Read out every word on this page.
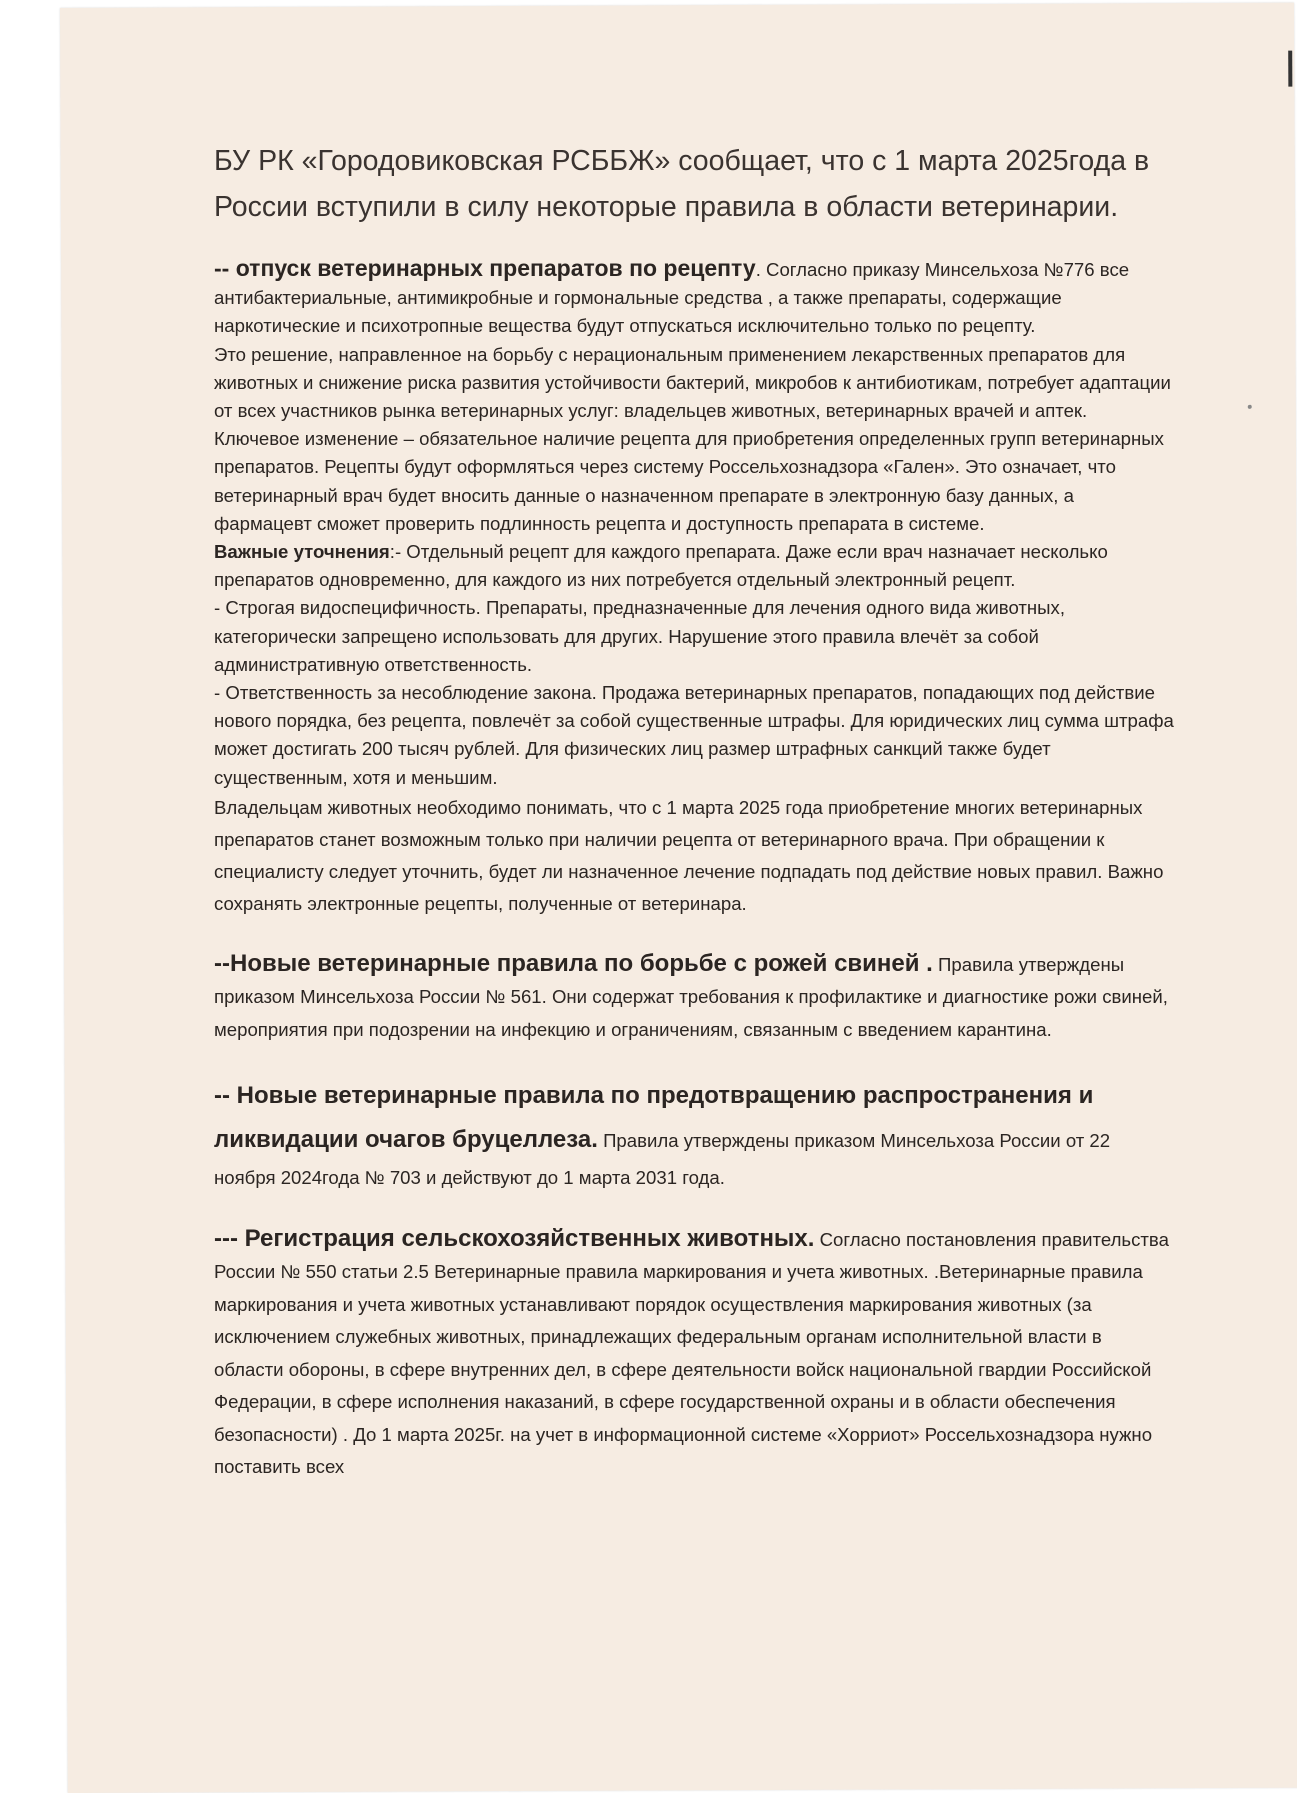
БУ РК «Городовиковская РСББЖ» сообщает, что с 1 марта 2025года в России вступили в силу некоторые правила в области ветеринарии.

-- отпуск ветеринарных препаратов по рецепту. Согласно приказу Минсельхоза №776 все антибактериальные, антимикробные и гормональные средства , а также препараты, содержащие наркотические и психотропные вещества будут отпускаться исключительно только по рецепту.

Это решение, направленное на борьбу с нерациональным применением лекарственных препаратов для животных и снижение риска развития устойчивости бактерий, микробов к антибиотикам, потребует адаптации от всех участников рынка ветеринарных услуг: владельцев животных, ветеринарных врачей и аптек.

Ключевое изменение – обязательное наличие рецепта для приобретения определенных групп ветеринарных препаратов. Рецепты будут оформляться через систему Россельхознадзора «Гален». Это означает, что ветеринарный врач будет вносить данные о назначенном препарате в электронную базу данных, а фармацевт сможет проверить подлинность рецепта и доступность препарата в системе.

Важные уточнения:- Отдельный рецепт для каждого препарата. Даже если врач назначает несколько препаратов одновременно, для каждого из них потребуется отдельный электронный рецепт.

- Строгая видоспецифичность. Препараты, предназначенные для лечения одного вида животных, категорически запрещено использовать для других. Нарушение этого правила влечёт за собой административную ответственность.

- Ответственность за несоблюдение закона. Продажа ветеринарных препаратов, попадающих под действие нового порядка, без рецепта, повлечёт за собой существенные штрафы. Для юридических лиц сумма штрафа может достигать 200 тысяч рублей. Для физических лиц размер штрафных санкций также будет существенным, хотя и меньшим.

Владельцам животных необходимо понимать, что с 1 марта 2025 года приобретение многих ветеринарных препаратов станет возможным только при наличии рецепта от ветеринарного врача. При обращении к специалисту следует уточнить, будет ли назначенное лечение подпадать под действие новых правил. Важно сохранять электронные рецепты, полученные от ветеринара.

--Новые ветеринарные правила по борьбе с рожей свиней . Правила утверждены приказом Минсельхоза России № 561. Они содержат требования к профилактике и диагностике рожи свиней, мероприятия при подозрении на инфекцию и ограничениям, связанным с введением карантина.

-- Новые ветеринарные правила по предотвращению распространения и ликвидации очагов бруцеллеза. Правила утверждены приказом Минсельхоза России от 22 ноября 2024года № 703 и действуют до 1 марта 2031 года.

--- Регистрация сельскохозяйственных животных. Согласно постановления правительства России № 550 статьи 2.5 Ветеринарные правила маркирования и учета животных. .Ветеринарные правила маркирования и учета животных устанавливают порядок осуществления маркирования животных (за исключением служебных животных, принадлежащих федеральным органам исполнительной власти в области обороны, в сфере внутренних дел, в сфере деятельности войск национальной гвардии Российской Федерации, в сфере исполнения наказаний, в сфере государственной охраны и в области обеспечения безопасности) . До 1 марта 2025г. на учет в информационной системе «Хорриот» Россельхознадзора нужно поставить всех
